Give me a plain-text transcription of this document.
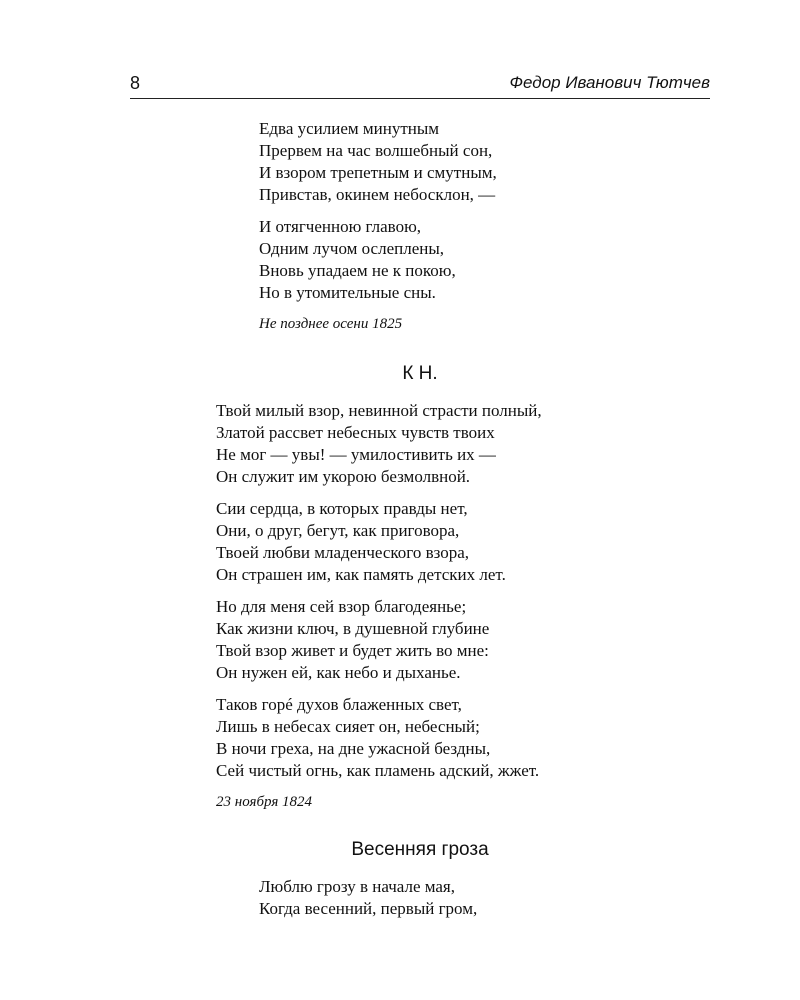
8	Федор Иванович Тютчев
Едва усилием минутным
Прервем на час волшебный сон,
И взором трепетным и смутным,
Привстав, окинем небосклон, —
И отягченною главою,
Одним лучом ослеплены,
Вновь упадаем не к покою,
Но в утомительные сны.
Не позднее осени 1825
К Н.
Твой милый взор, невинной страсти полный,
Златой рассвет небесных чувств твоих
Не мог — увы! — умилостивить их —
Он служит им укорою безмолвной.
Сии сердца, в которых правды нет,
Они, о друг, бегут, как приговора,
Твоей любви младенческого взора,
Он страшен им, как память детских лет.
Но для меня сей взор благодеянье;
Как жизни ключ, в душевной глубине
Твой взор живет и будет жить во мне:
Он нужен ей, как небо и дыханье.
Таков горé духов блаженных свет,
Лишь в небесах сияет он, небесный;
В ночи греха, на дне ужасной бездны,
Сей чистый огнь, как пламень адский, жжет.
23 ноября 1824
Весенняя гроза
Люблю грозу в начале мая,
Когда весенний, первый гром,
